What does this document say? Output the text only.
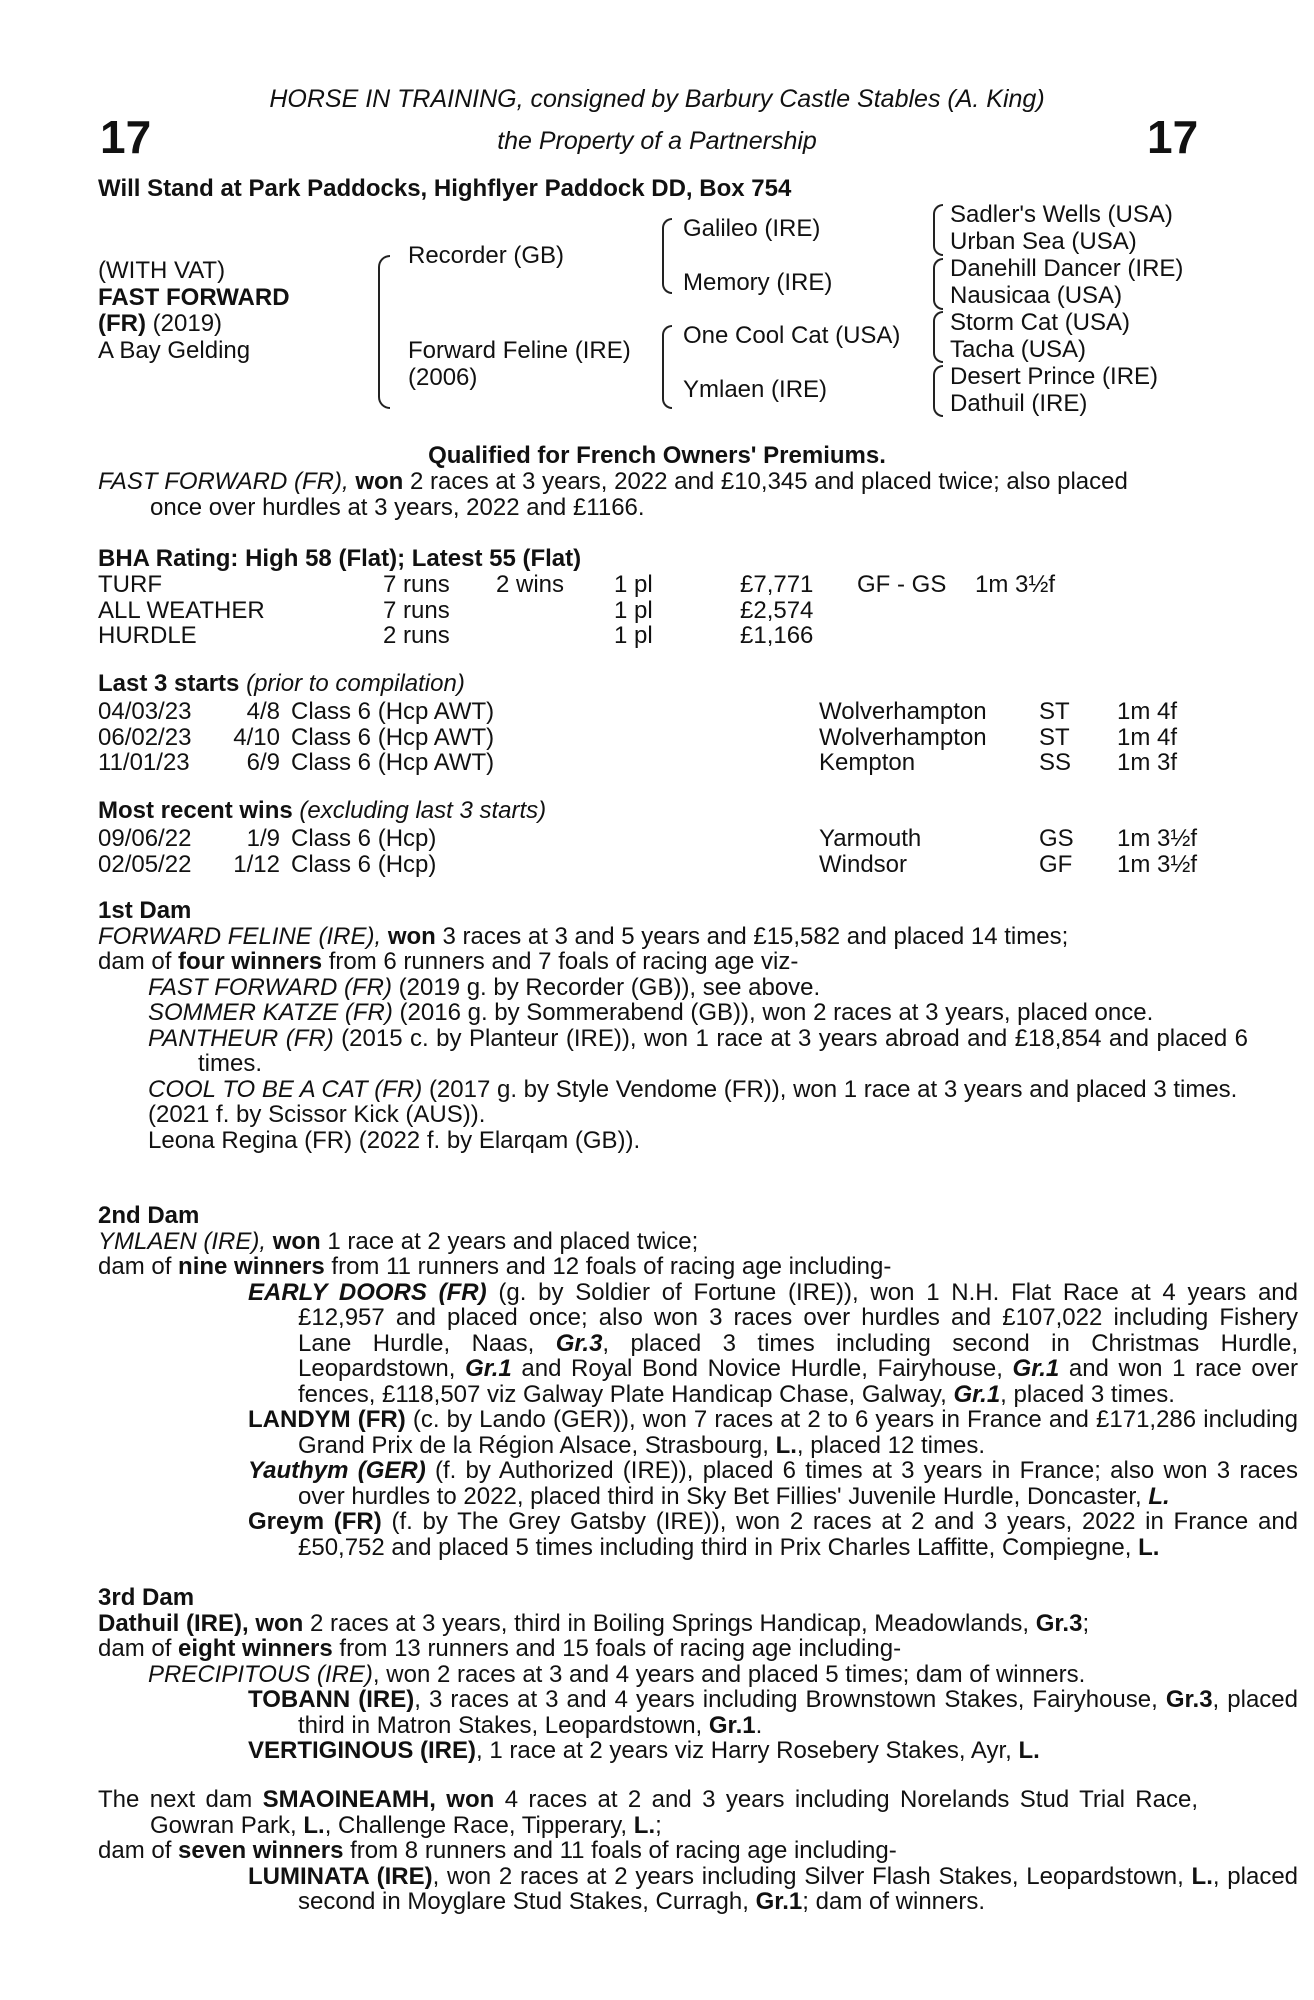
17	17
HORSE IN TRAINING, consigned by Barbury Castle Stables (A. King)
the Property of a Partnership
Will Stand at Park Paddocks, Highflyer Paddock DD, Box 754
(WITH VAT)
FAST FORWARD
(FR) (2019)
A Bay Gelding
Recorder (GB)
Forward Feline (IRE)
(2006)
Galileo (IRE)
Memory (IRE)
One Cool Cat (USA)
Ymlaen (IRE)
Sadler's Wells (USA)
Urban Sea (USA)
Danehill Dancer (IRE)
Nausicaa (USA)
Storm Cat (USA)
Tacha (USA)
Desert Prince (IRE)
Dathuil (IRE)
Qualified for French Owners' Premiums.
FAST FORWARD (FR), won 2 races at 3 years, 2022 and £10,345 and placed twice; also placed
once over hurdles at 3 years, 2022 and £1166.
BHA Rating: High 58 (Flat); Latest 55 (Flat)
TURF	7 runs 2 wins 1 pl	£7,771 GF - GS 1m 3½f
ALL WEATHER	7 runs	1 pl	£2,574
HURDLE	2 runs	1 pl	£1,166
Last 3 starts (prior to compilation)
04/03/23	4/8 Class 6 (Hcp AWT)	Wolverhampton ST 1m 4f
06/02/23	4/10 Class 6 (Hcp AWT)	Wolverhampton ST 1m 4f
11/01/23	6/9 Class 6 (Hcp AWT)	Kempton	SS 1m 3f
Most recent wins (excluding last 3 starts)
09/06/22	1/9 Class 6 (Hcp)	Yarmouth	GS 1m 3½f
02/05/22	1/12 Class 6 (Hcp)	Windsor	GF 1m 3½f
1st Dam
FORWARD FELINE (IRE), won 3 races at 3 and 5 years and £15,582 and placed 14 times;
dam of four winners from 6 runners and 7 foals of racing age viz-
FAST FORWARD (FR) (2019 g. by Recorder (GB)), see above.
SOMMER KATZE (FR) (2016 g. by Sommerabend (GB)), won 2 races at 3 years, placed once.
PANTHEUR (FR) (2015 c. by Planteur (IRE)), won 1 race at 3 years abroad and £18,854 and placed 6 times.
COOL TO BE A CAT (FR) (2017 g. by Style Vendome (FR)), won 1 race at 3 years and placed 3 times.
(2021 f. by Scissor Kick (AUS)).
Leona Regina (FR) (2022 f. by Elarqam (GB)).
2nd Dam
YMLAEN (IRE), won 1 race at 2 years and placed twice;
dam of nine winners from 11 runners and 12 foals of racing age including-
EARLY DOORS (FR) (g. by Soldier of Fortune (IRE)), won 1 N.H. Flat Race at 4 years and £12,957 and placed once; also won 3 races over hurdles and £107,022 including Fishery Lane Hurdle, Naas, Gr.3, placed 3 times including second in Christmas Hurdle, Leopardstown, Gr.1 and Royal Bond Novice Hurdle, Fairyhouse, Gr.1 and won 1 race over fences, £118,507 viz Galway Plate Handicap Chase, Galway, Gr.1, placed 3 times.
LANDYM (FR) (c. by Lando (GER)), won 7 races at 2 to 6 years in France and £171,286 including Grand Prix de la Région Alsace, Strasbourg, L., placed 12 times.
Yauthym (GER) (f. by Authorized (IRE)), placed 6 times at 3 years in France; also won 3 races over hurdles to 2022, placed third in Sky Bet Fillies' Juvenile Hurdle, Doncaster, L.
Greym (FR) (f. by The Grey Gatsby (IRE)), won 2 races at 2 and 3 years, 2022 in France and £50,752 and placed 5 times including third in Prix Charles Laffitte, Compiegne, L.
3rd Dam
Dathuil (IRE), won 2 races at 3 years, third in Boiling Springs Handicap, Meadowlands, Gr.3;
dam of eight winners from 13 runners and 15 foals of racing age including-
PRECIPITOUS (IRE), won 2 races at 3 and 4 years and placed 5 times; dam of winners.
TOBANN (IRE), 3 races at 3 and 4 years including Brownstown Stakes, Fairyhouse, Gr.3, placed third in Matron Stakes, Leopardstown, Gr.1.
VERTIGINOUS (IRE), 1 race at 2 years viz Harry Rosebery Stakes, Ayr, L.
The next dam SMAOINEAMH, won 4 races at 2 and 3 years including Norelands Stud Trial Race, Gowran Park, L., Challenge Race, Tipperary, L.;
dam of seven winners from 8 runners and 11 foals of racing age including-
LUMINATA (IRE), won 2 races at 2 years including Silver Flash Stakes, Leopardstown, L., placed second in Moyglare Stud Stakes, Curragh, Gr.1; dam of winners.
